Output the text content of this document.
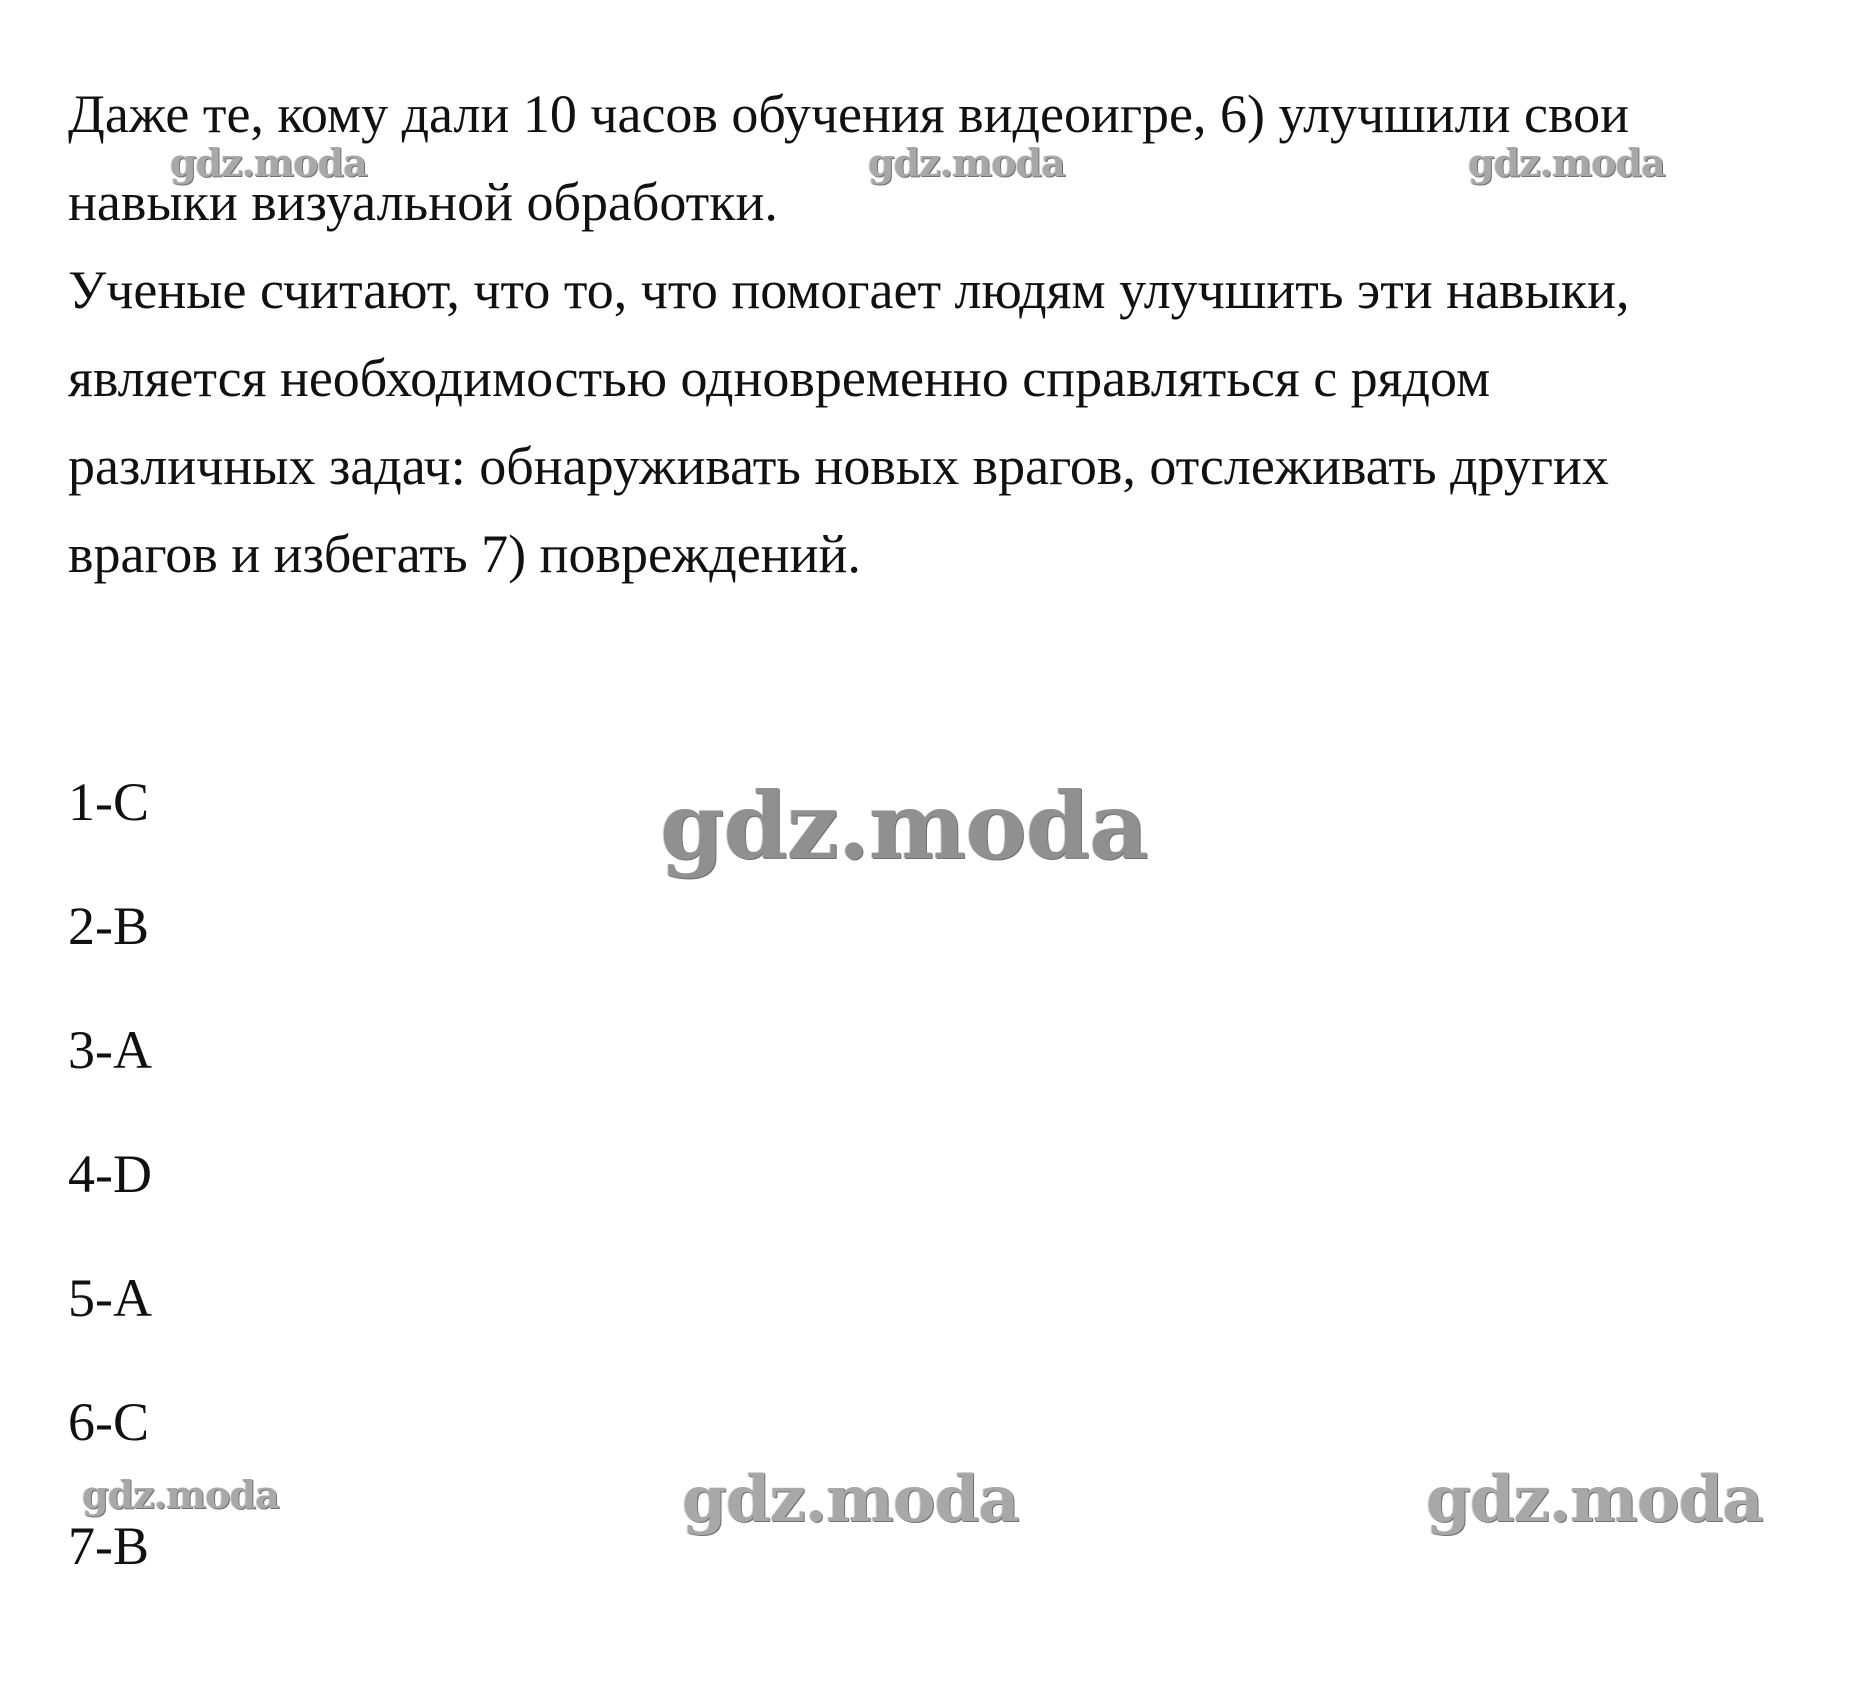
Даже те, кому дали 10 часов обучения видеоигре, 6) улучшили свои
навыки визуальной обработки.

Ученые считают, что то, что помогает людям улучшить эти навыки,
является необходимостью одновременно справляться с рядом
различных задач: обнаруживать новых врагов, отслеживать других
врагов и избегать 7) повреждений.

1-C
2-B
3-A
4-D
5-A
6-C
7-B
gdz.moda	gdz.moda	gdz.moda
gdz.moda
gdz.moda	gdz.moda	gdz.moda
